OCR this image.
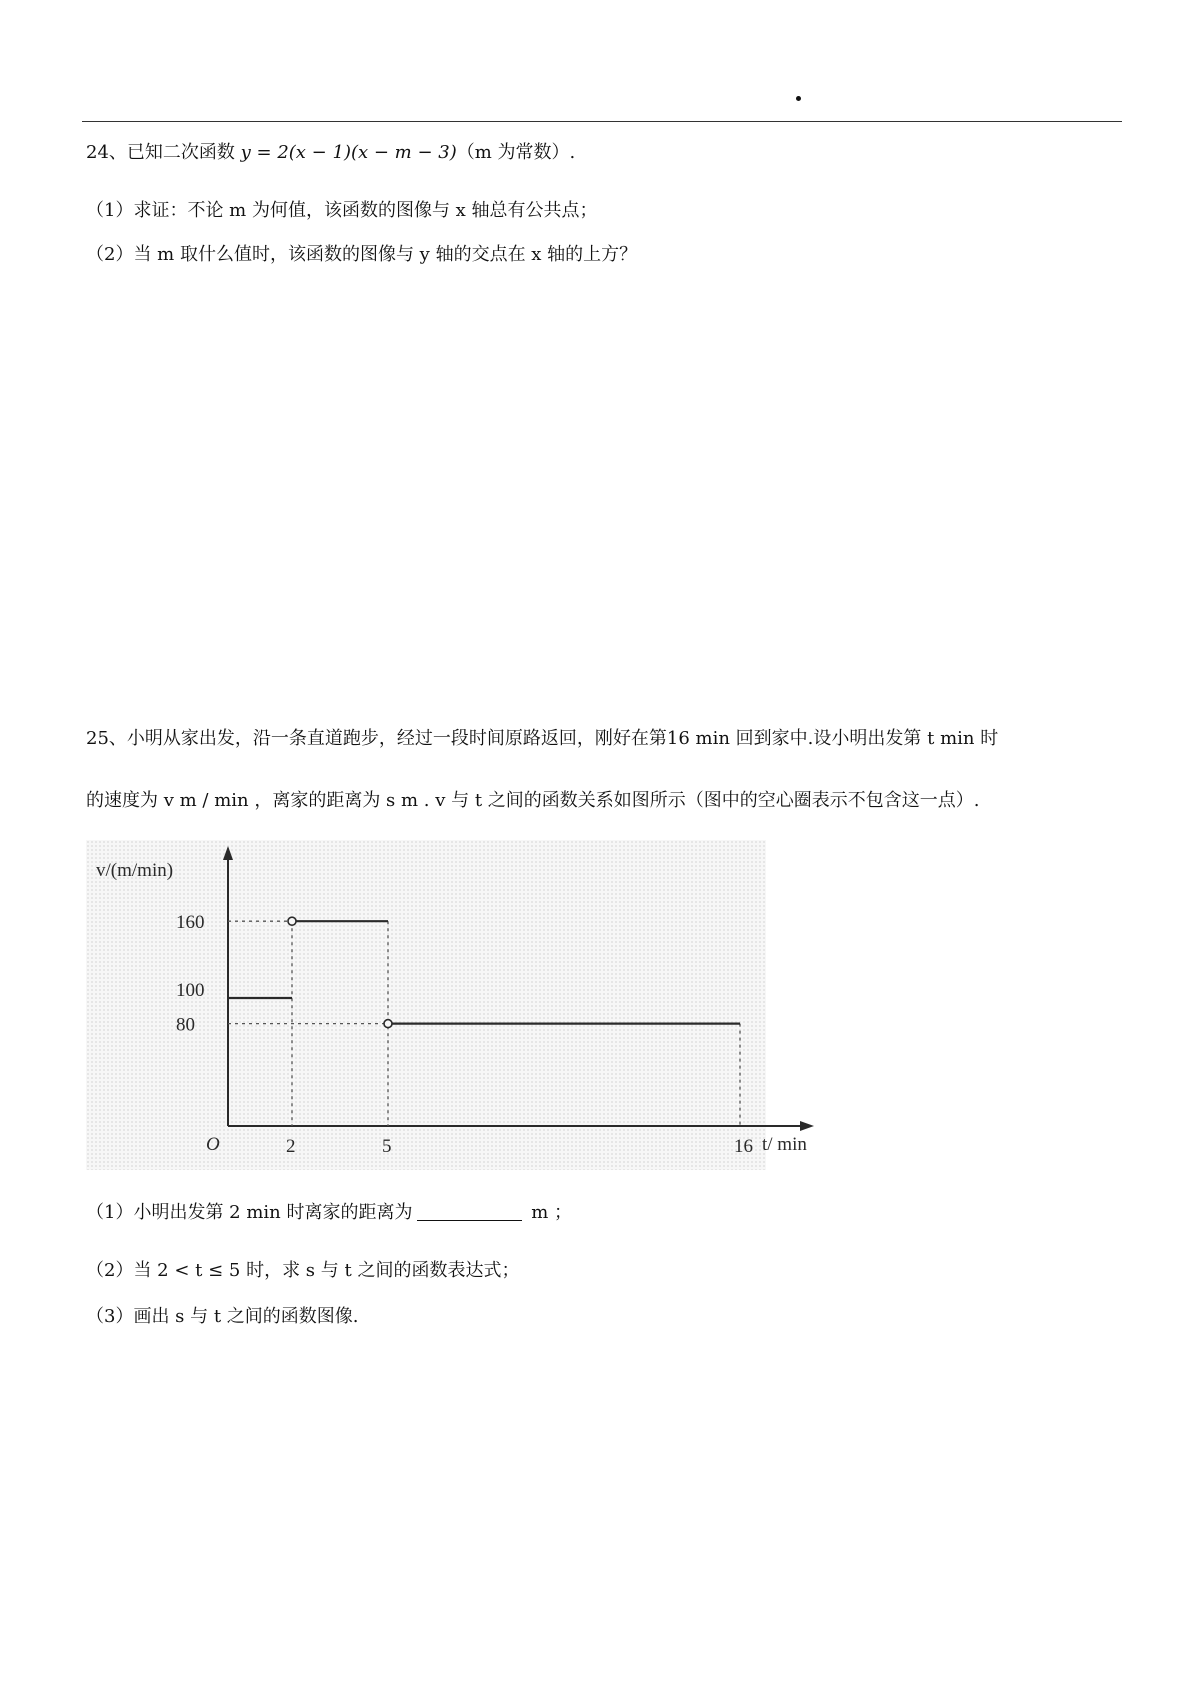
24、已知二次函数 y = 2(x − 1)(x − m − 3)（m 为常数）.
（1）求证：不论 m 为何值，该函数的图像与 x 轴总有公共点；
（2）当 m 取什么值时，该函数的图像与 y 轴的交点在 x 轴的上方？
25、小明从家出发，沿一条直道跑步，经过一段时间原路返回，刚好在第16 min 回到家中.设小明出发第 t min 时
的速度为 v m / min ，离家的距离为 s m . v 与 t 之间的函数关系如图所示（图中的空心圈表示不包含这一点）.
O
v/(m/min)
t/ min
160
100
80
2	5	16
（1）小明出发第 2 min 时离家的距离为	m ；
（2）当 2 < t ≤ 5 时，求 s 与 t 之间的函数表达式；
（3）画出 s 与 t 之间的函数图像.
